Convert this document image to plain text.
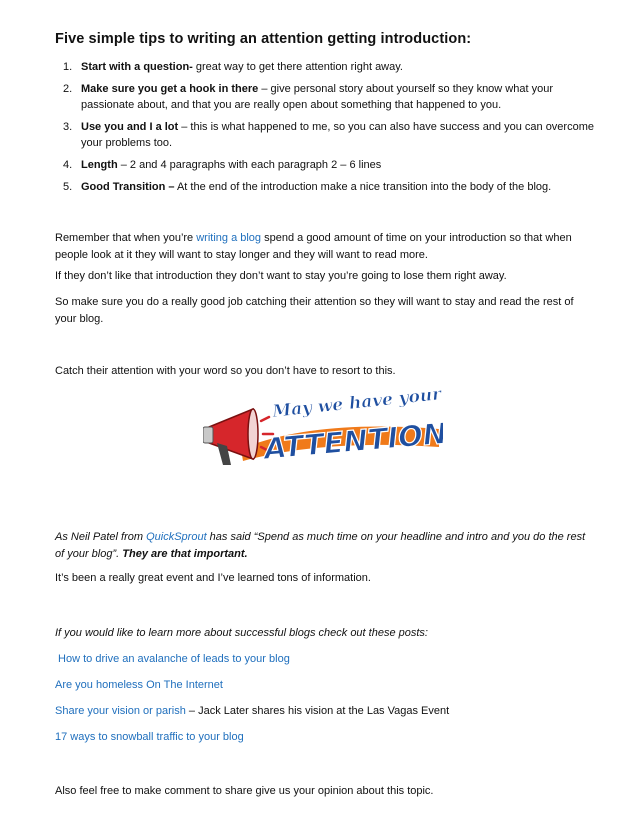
Five simple tips to writing an attention getting introduction:
1. Start with a question- great way to get there attention right away.
2. Make sure you get a hook in there – give personal story about yourself so they know what your passionate about, and that you are really open about something that happened to you.
3. Use you and I a lot – this is what happened to me, so you can also have success and you can overcome your problems too.
4. Length – 2 and 4 paragraphs with each paragraph 2 – 6 lines
5. Good Transition – At the end of the introduction make a nice transition into the body of the blog.

Remember that when you’re writing a blog spend a good amount of time on your introduction so that when people look at it they will want to stay longer and they will want to read more.

If they don’t like that introduction they don’t want to stay you’re going to lose them right away.

So make sure you do a really good job catching their attention so they will want to stay and read the rest of your blog.

Catch their attention with your word so you don’t have to resort to this.

May we have your
ATTENTION

As Neil Patel from QuickSprout has said “Spend as much time on your headline and intro and you do the rest of your blog”. They are that important.

It’s been a really great event and I’ve learned tons of information.

If you would like to learn more about successful blogs check out these posts:

How to drive an avalanche of leads to your blog

Are you homeless On The Internet

Share your vision or parish – Jack Later shares his vision at the Las Vagas Event

17 ways to snowball traffic to your blog

Also feel free to make comment to share give us your opinion about this topic.
